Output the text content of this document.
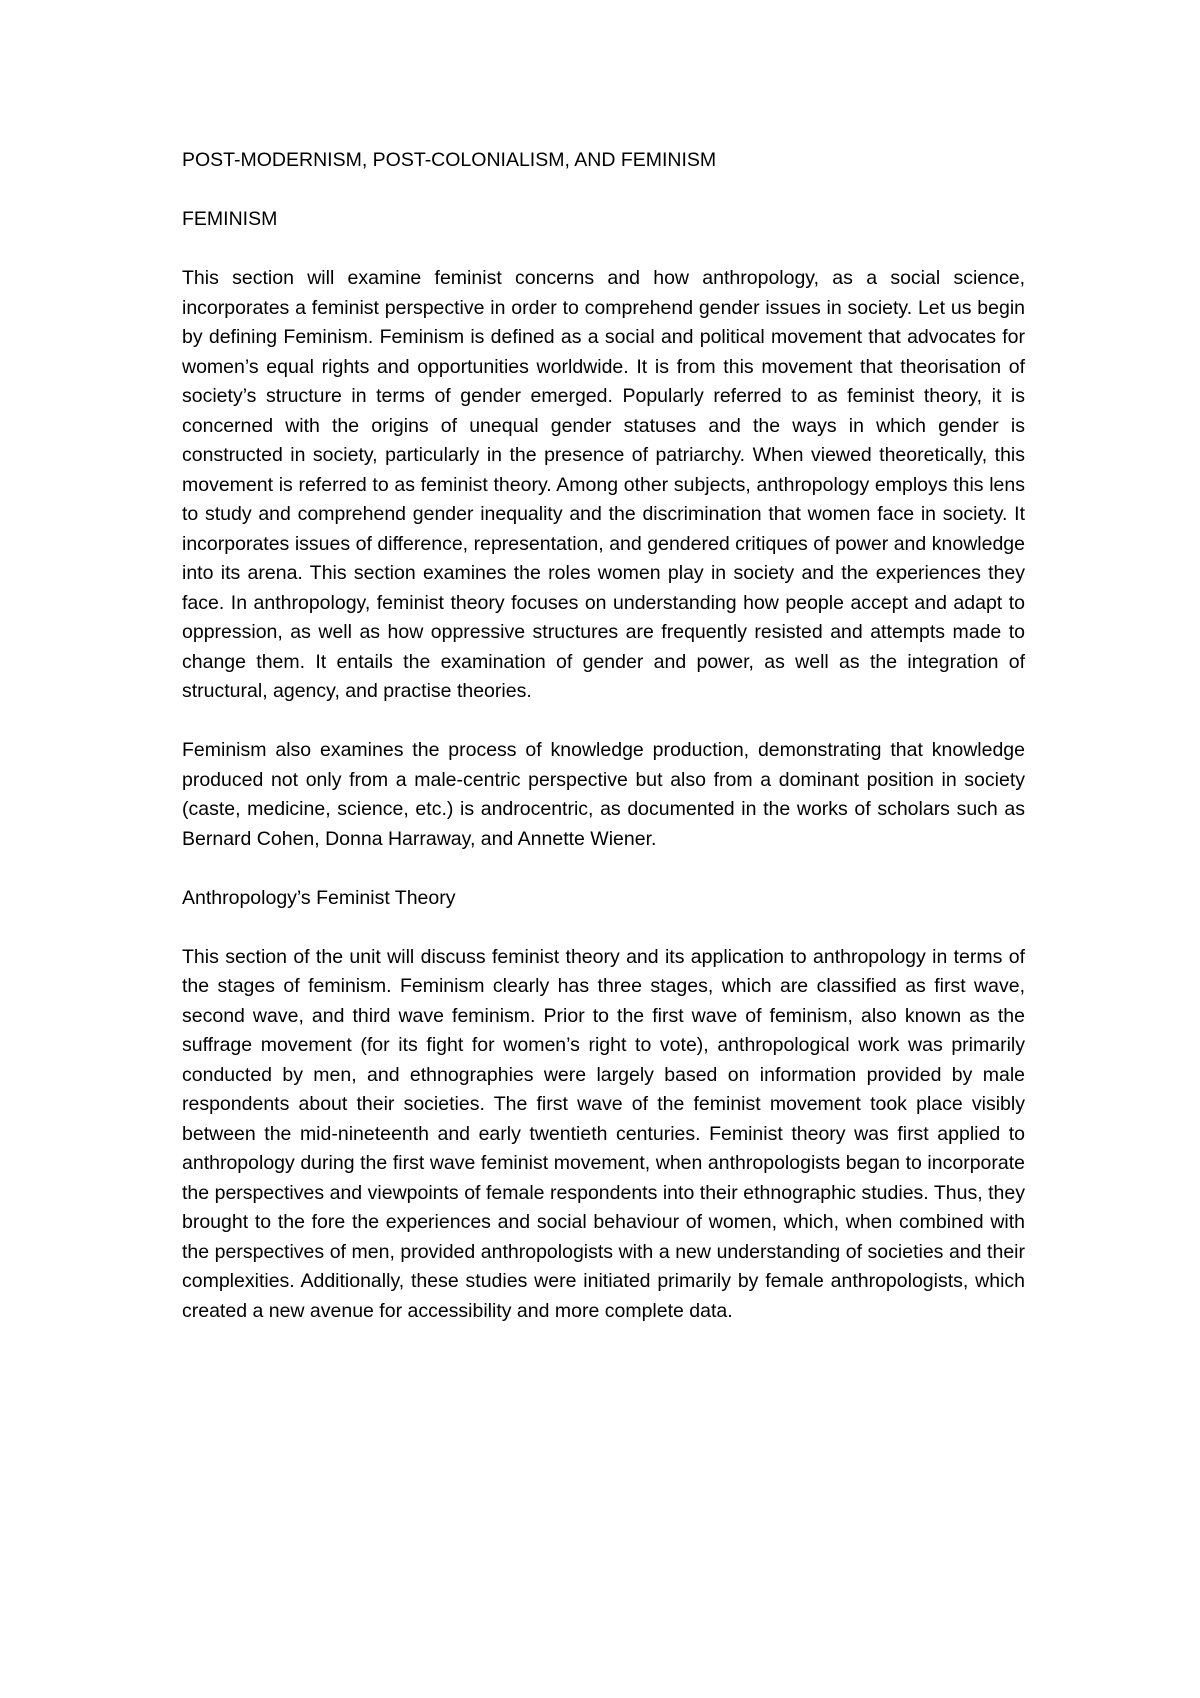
POST-MODERNISM, POST-COLONIALISM, AND FEMINISM

FEMINISM

This section will examine feminist concerns and how anthropology, as a social science, incorporates a feminist perspective in order to comprehend gender issues in society. Let us begin by defining Feminism. Feminism is defined as a social and political movement that advocates for women’s equal rights and opportunities worldwide. It is from this movement that theorisation of society’s structure in terms of gender emerged. Popularly referred to as feminist theory, it is concerned with the origins of unequal gender statuses and the ways in which gender is constructed in society, particularly in the presence of patriarchy. When viewed theoretically, this movement is referred to as feminist theory. Among other subjects, anthropology employs this lens to study and comprehend gender inequality and the discrimination that women face in society. It incorporates issues of difference, representation, and gendered critiques of power and knowledge into its arena. This section examines the roles women play in society and the experiences they face. In anthropology, feminist theory focuses on understanding how people accept and adapt to oppression, as well as how oppressive structures are frequently resisted and attempts made to change them. It entails the examination of gender and power, as well as the integration of structural, agency, and practise theories.

Feminism also examines the process of knowledge production, demonstrating that knowledge produced not only from a male-centric perspective but also from a dominant position in society (caste, medicine, science, etc.) is androcentric, as documented in the works of scholars such as Bernard Cohen, Donna Harraway, and Annette Wiener.

Anthropology’s Feminist Theory

This section of the unit will discuss feminist theory and its application to anthropology in terms of the stages of feminism. Feminism clearly has three stages, which are classified as first wave, second wave, and third wave feminism. Prior to the first wave of feminism, also known as the suffrage movement (for its fight for women’s right to vote), anthropological work was primarily conducted by men, and ethnographies were largely based on information provided by male respondents about their societies. The first wave of the feminist movement took place visibly between the mid-nineteenth and early twentieth centuries. Feminist theory was first applied to anthropology during the first wave feminist movement, when anthropologists began to incorporate the perspectives and viewpoints of female respondents into their ethnographic studies. Thus, they brought to the fore the experiences and social behaviour of women, which, when combined with the perspectives of men, provided anthropologists with a new understanding of societies and their complexities. Additionally, these studies were initiated primarily by female anthropologists, which created a new avenue for accessibility and more complete data.
